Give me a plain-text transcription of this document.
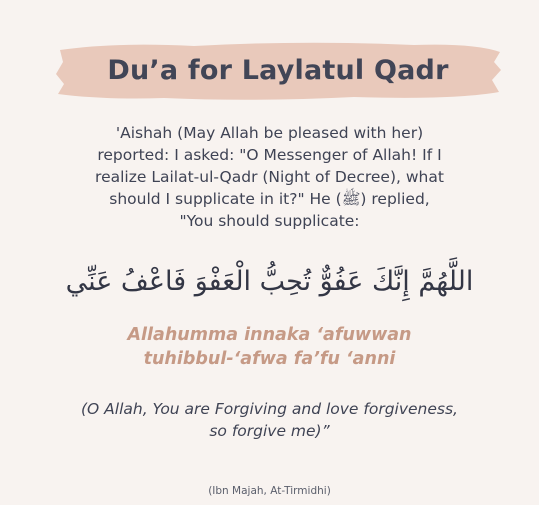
Du’a for Laylatul Qadr
'Aishah (May Allah be pleased with her)
reported: I asked: "O Messenger of Allah! If I
realize Lailat-ul-Qadr (Night of Decree), what
should I supplicate in it?" He (ﷺ) replied,
"You should supplicate:
اللَّهُمَّ إِنَّكَ عَفُوٌّ تُحِبُّ الْعَفْوَ فَاعْفُ عَنِّي
Allahumma innaka ‘afuwwan
tuhibbul-‘afwa fa’fu ‘anni
(O Allah, You are Forgiving and love forgiveness,
so forgive me)”
(Ibn Majah, At-Tirmidhi)
